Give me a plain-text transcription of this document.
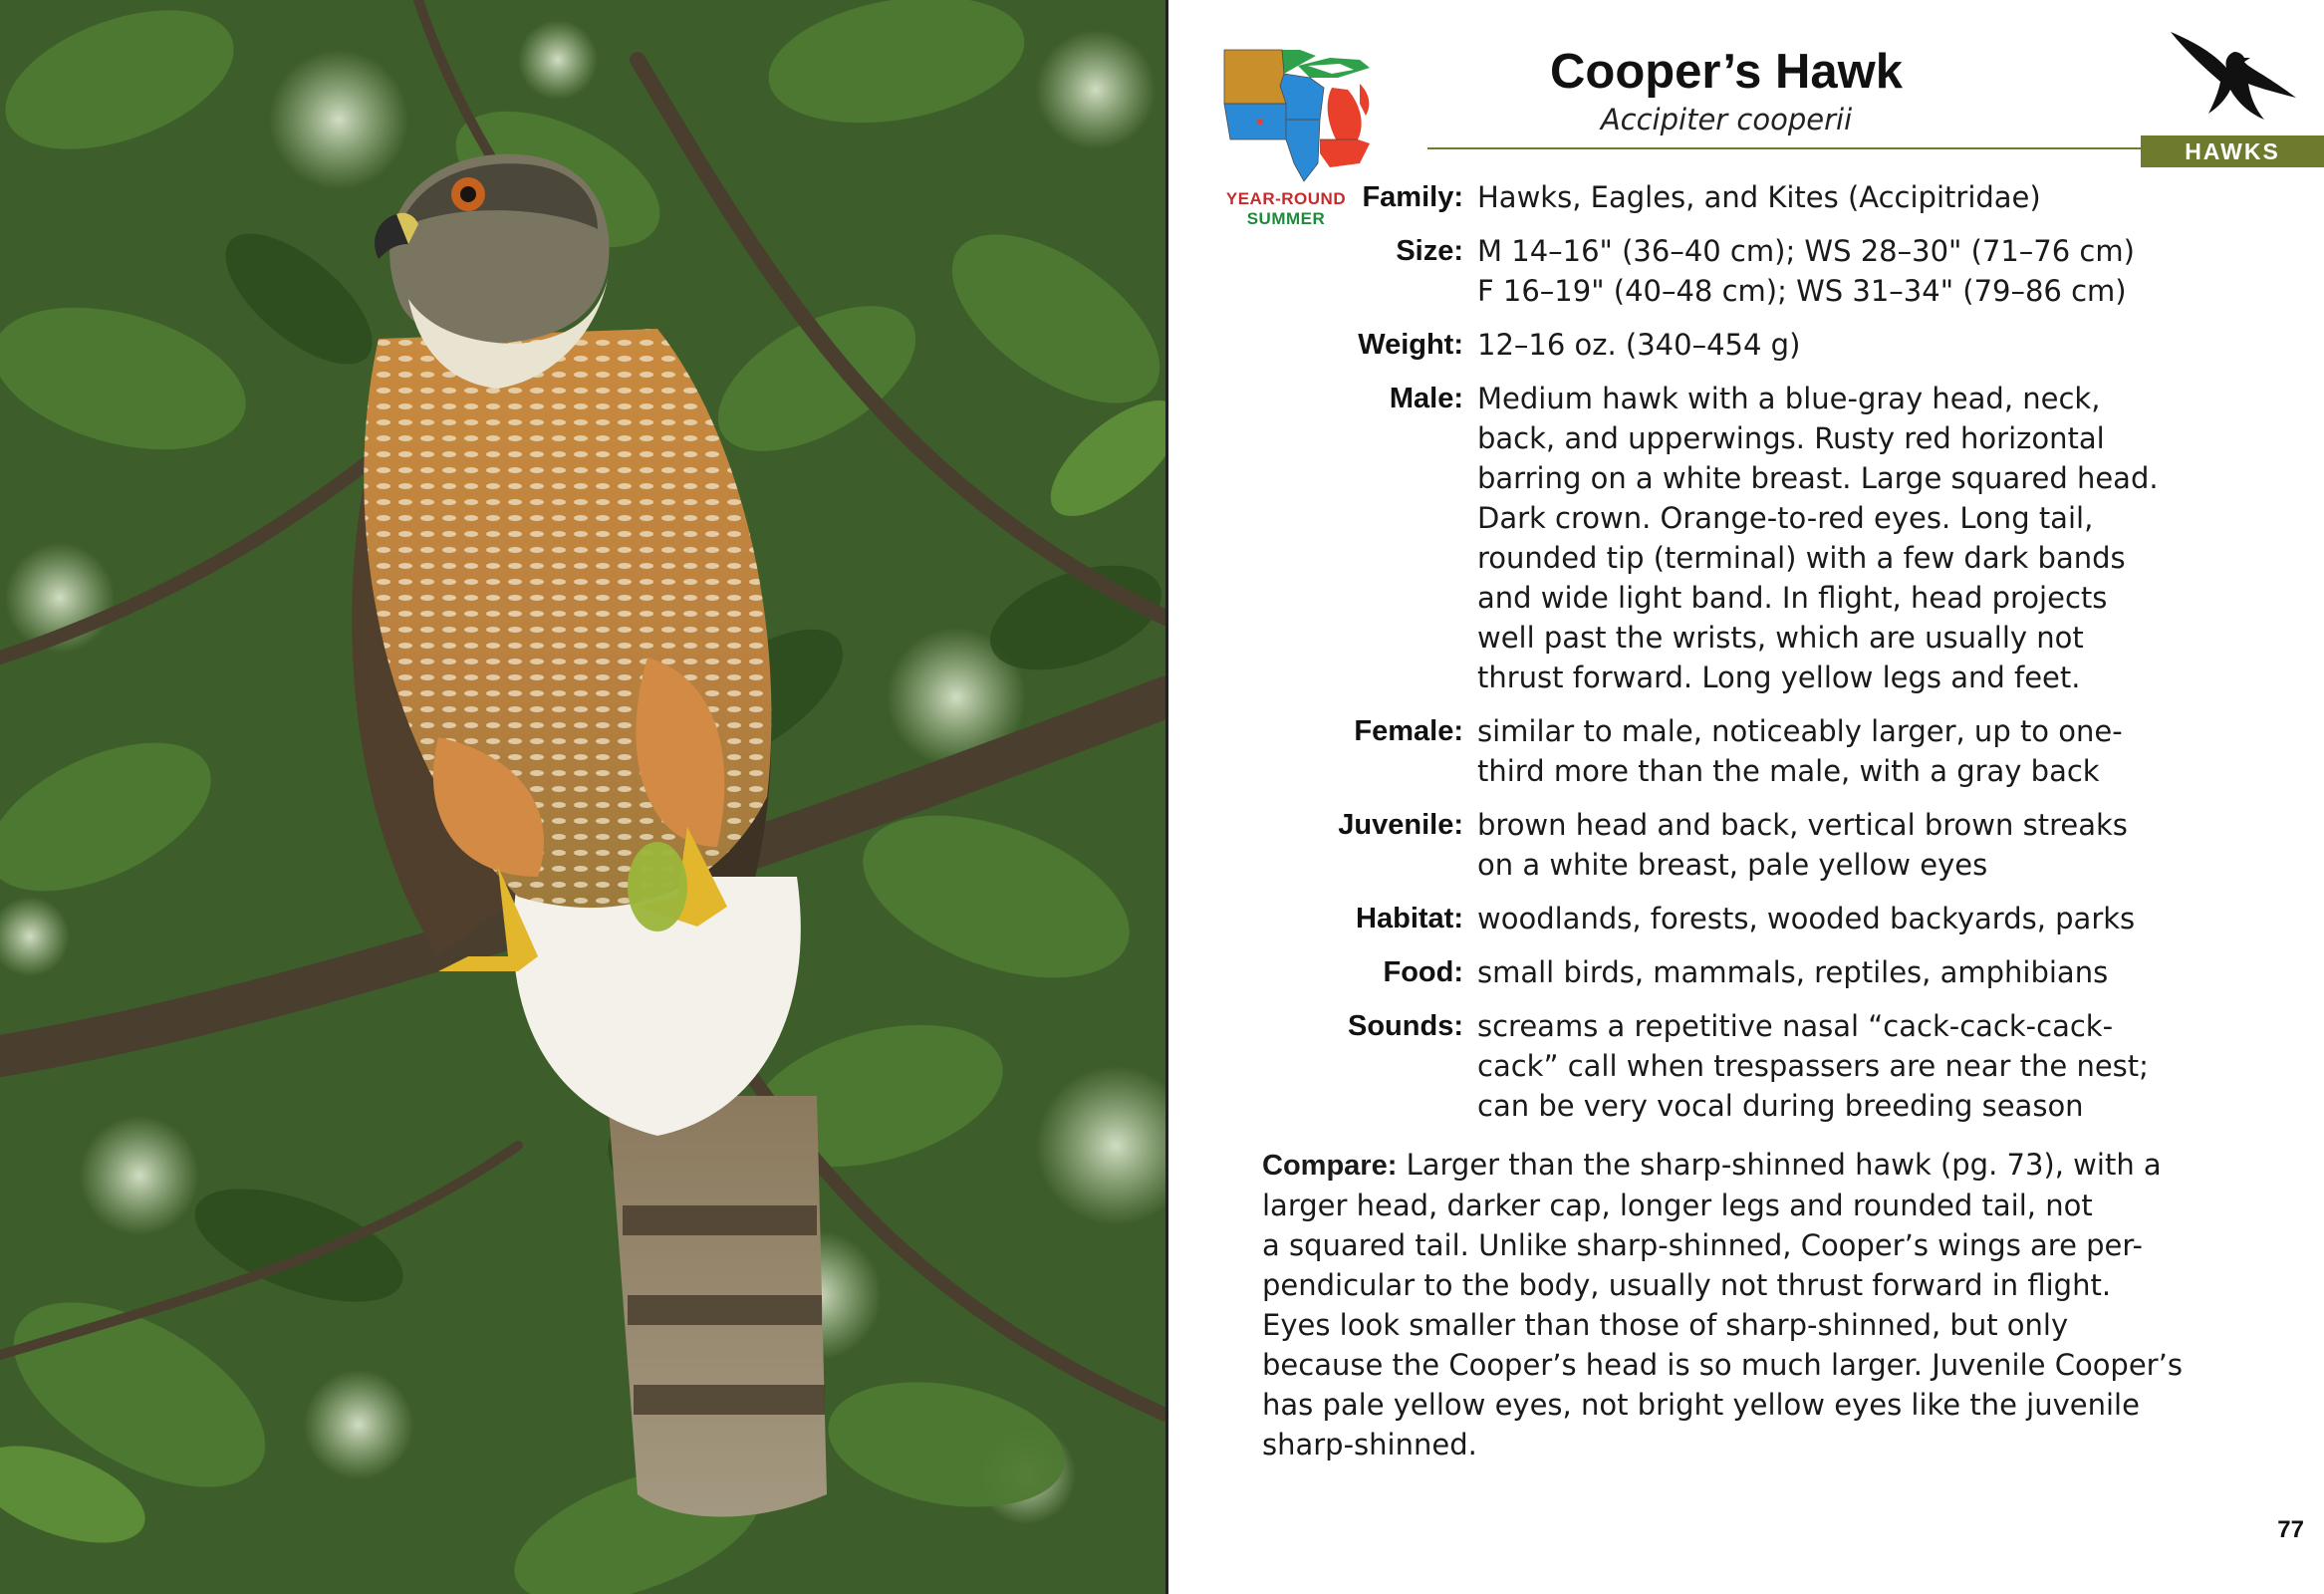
YEAR-ROUND
SUMMER
Cooper’s Hawk
Accipiter cooperii
HAWKS
Family: Hawks, Eagles, and Kites (Accipitridae)
Size: M 14–16" (36–40 cm); WS 28–30" (71–76 cm)
F 16–19" (40–48 cm); WS 31–34" (79–86 cm)
Weight: 12–16 oz. (340–454 g)
Male: Medium hawk with a blue-gray head, neck,
back, and upperwings. Rusty red horizontal
barring on a white breast. Large squared head.
Dark crown. Orange-to-red eyes. Long tail,
rounded tip (terminal) with a few dark bands
and wide light band. In flight, head projects
well past the wrists, which are usually not
thrust forward. Long yellow legs and feet.
Female: similar to male, noticeably larger, up to one-
third more than the male, with a gray back
Juvenile: brown head and back, vertical brown streaks
on a white breast, pale yellow eyes
Habitat: woodlands, forests, wooded backyards, parks
Food: small birds, mammals, reptiles, amphibians
Sounds: screams a repetitive nasal “cack-cack-cack-
cack” call when trespassers are near the nest;
can be very vocal during breeding season
Compare: Larger than the sharp-shinned hawk (pg. 73), with a
larger head, darker cap, longer legs and rounded tail, not
a squared tail. Unlike sharp-shinned, Cooper’s wings are per-
pendicular to the body, usually not thrust forward in flight.
Eyes look smaller than those of sharp-shinned, but only
because the Cooper’s head is so much larger. Juvenile Cooper’s
has pale yellow eyes, not bright yellow eyes like the juvenile
sharp-shinned.
77
